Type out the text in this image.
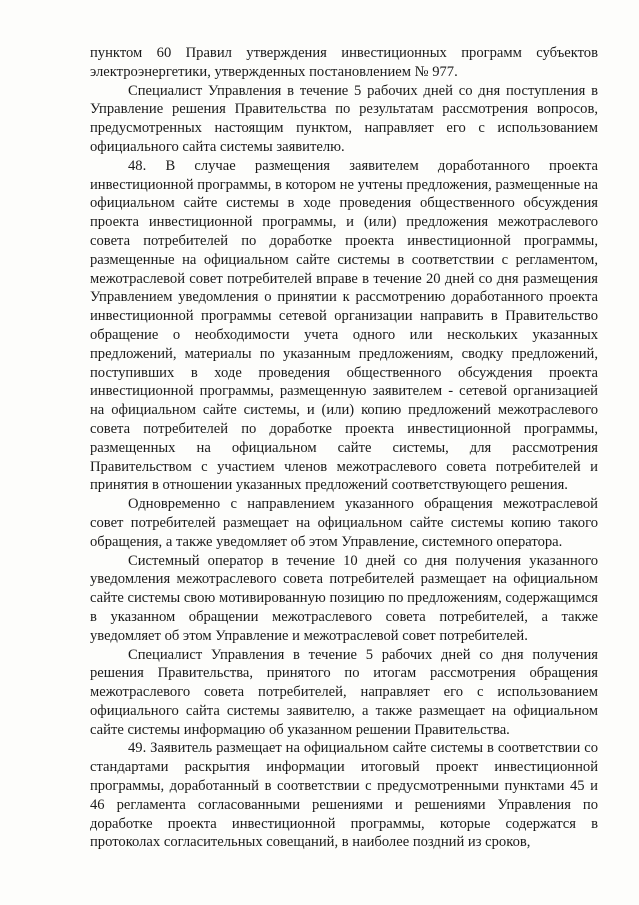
пунктом 60 Правил утверждения инвестиционных программ субъектов электроэнергетики, утвержденных постановлением № 977.

Специалист Управления в течение 5 рабочих дней со дня поступления в Управление решения Правительства по результатам рассмотрения вопросов, предусмотренных настоящим пунктом, направляет его с использованием официального сайта системы заявителю.

48. В случае размещения заявителем доработанного проекта инвестиционной программы, в котором не учтены предложения, размещенные на официальном сайте системы в ходе проведения общественного обсуждения проекта инвестиционной программы, и (или) предложения межотраслевого совета потребителей по доработке проекта инвестиционной программы, размещенные на официальном сайте системы в соответствии с регламентом, межотраслевой совет потребителей вправе в течение 20 дней со дня размещения Управлением уведомления о принятии к рассмотрению доработанного проекта инвестиционной программы сетевой организации направить в Правительство обращение о необходимости учета одного или нескольких указанных предложений, материалы по указанным предложениям, сводку предложений, поступивших в ходе проведения общественного обсуждения проекта инвестиционной программы, размещенную заявителем - сетевой организацией на официальном сайте системы, и (или) копию предложений межотраслевого совета потребителей по доработке проекта инвестиционной программы, размещенных на официальном сайте системы, для рассмотрения Правительством с участием членов межотраслевого совета потребителей и принятия в отношении указанных предложений соответствующего решения.

Одновременно с направлением указанного обращения межотраслевой совет потребителей размещает на официальном сайте системы копию такого обращения, а также уведомляет об этом Управление, системного оператора.

Системный оператор в течение 10 дней со дня получения указанного уведомления межотраслевого совета потребителей размещает на официальном сайте системы свою мотивированную позицию по предложениям, содержащимся в указанном обращении межотраслевого совета потребителей, а также уведомляет об этом Управление и межотраслевой совет потребителей.

Специалист Управления в течение 5 рабочих дней со дня получения решения Правительства, принятого по итогам рассмотрения обращения межотраслевого совета потребителей, направляет его с использованием официального сайта системы заявителю, а также размещает на официальном сайте системы информацию об указанном решении Правительства.

49. Заявитель размещает на официальном сайте системы в соответствии со стандартами раскрытия информации итоговый проект инвестиционной программы, доработанный в соответствии с предусмотренными пунктами 45 и 46 регламента согласованными решениями и решениями Управления по доработке проекта инвестиционной программы, которые содержатся в протоколах согласительных совещаний, в наиболее поздний из сроков,
